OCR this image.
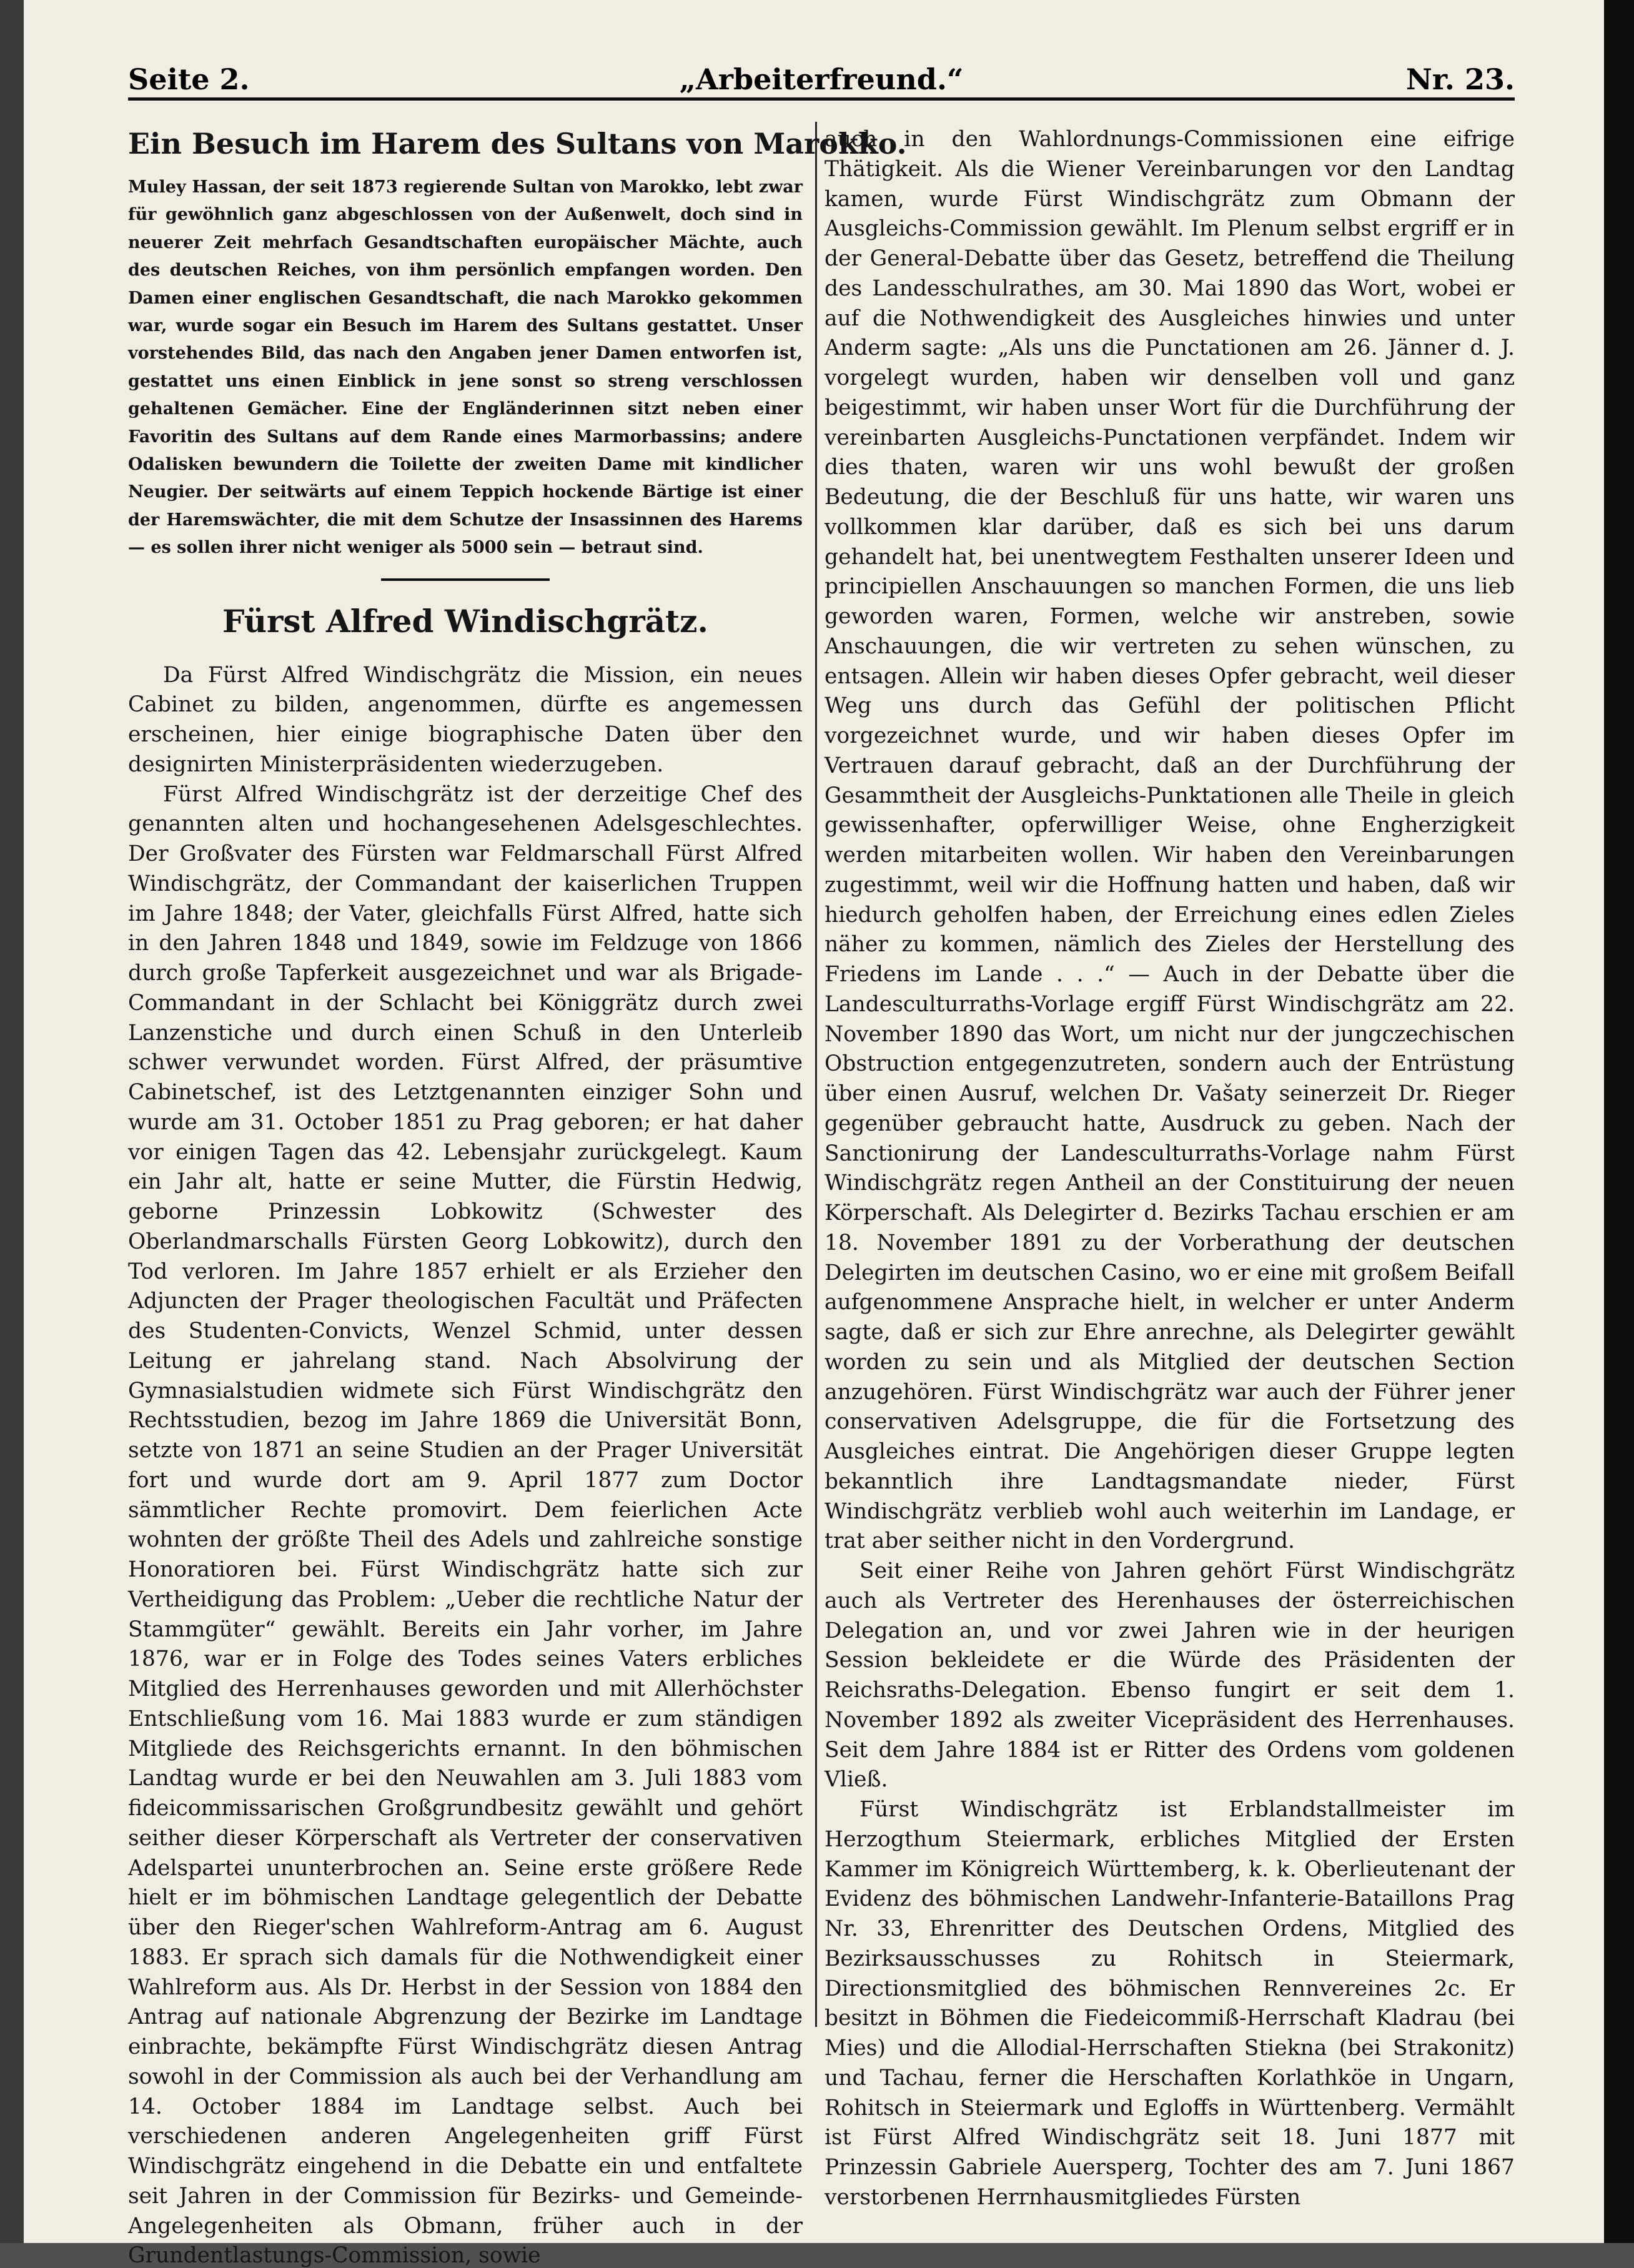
Seite 2.	„Arbeiterfreund.“	Nr. 23.
Ein Besuch im Harem des Sultans von Marokko.
Muley Hassan, der seit 1873 regierende Sultan von Marokko, lebt zwar für gewöhnlich ganz abgeschlossen von der Außenwelt, doch sind in neuerer Zeit mehrfach Gesandtschaften europäischer Mächte, auch des deutschen Reiches, von ihm persönlich empfangen worden. Den Damen einer englischen Gesandtschaft, die nach Marokko gekommen war, wurde sogar ein Besuch im Harem des Sultans gestattet. Unser vorstehendes Bild, das nach den Angaben jener Damen entworfen ist, gestattet uns einen Einblick in jene sonst so streng verschlossen gehaltenen Gemächer. Eine der Engländerinnen sitzt neben einer Favoritin des Sultans auf dem Rande eines Marmorbassins; andere Odalisken bewundern die Toilette der zweiten Dame mit kindlicher Neugier. Der seitwärts auf einem Teppich hockende Bärtige ist einer der Haremswächter, die mit dem Schutze der Insassinnen des Harems — es sollen ihrer nicht weniger als 5000 sein — betraut sind.
Fürst Alfred Windischgrätz.

Da Fürst Alfred Windischgrätz die Mission, ein neues Cabinet zu bilden, angenommen, dürfte es angemessen erscheinen, hier einige biographische Daten über den designirten Ministerpräsidenten wiederzugeben.

Fürst Alfred Windischgrätz ist der derzeitige Chef des genannten alten und hochangesehenen Adelsgeschlechtes. Der Großvater des Fürsten war Feldmarschall Fürst Alfred Windischgrätz, der Commandant der kaiserlichen Truppen im Jahre 1848; der Vater, gleichfalls Fürst Alfred, hatte sich in den Jahren 1848 und 1849, sowie im Feldzuge von 1866 durch große Tapferkeit ausgezeichnet und war als Brigade-Commandant in der Schlacht bei Königgrätz durch zwei Lanzenstiche und durch einen Schuß in den Unterleib schwer verwundet worden. Fürst Alfred, der präsumtive Cabinetschef, ist des Letztgenannten einziger Sohn und wurde am 31. October 1851 zu Prag geboren; er hat daher vor einigen Tagen das 42. Lebensjahr zurückgelegt. Kaum ein Jahr alt, hatte er seine Mutter, die Fürstin Hedwig, geborne Prinzessin Lobkowitz (Schwester des Oberlandmarschalls Fürsten Georg Lobkowitz), durch den Tod verloren. Im Jahre 1857 erhielt er als Erzieher den Adjuncten der Prager theologischen Facultät und Präfecten des Studenten-Convicts, Wenzel Schmid, unter dessen Leitung er jahrelang stand. Nach Absolvirung der Gymnasialstudien widmete sich Fürst Windischgrätz den Rechtsstudien, bezog im Jahre 1869 die Universität Bonn, setzte von 1871 an seine Studien an der Prager Universität fort und wurde dort am 9. April 1877 zum Doctor sämmtlicher Rechte promovirt. Dem feierlichen Acte wohnten der größte Theil des Adels und zahlreiche sonstige Honoratioren bei. Fürst Windischgrätz hatte sich zur Vertheidigung das Problem: „Ueber die rechtliche Natur der Stammgüter“ gewählt. Bereits ein Jahr vorher, im Jahre 1876, war er in Folge des Todes seines Vaters erbliches Mitglied des Herrenhauses geworden und mit Allerhöchster Entschließung vom 16. Mai 1883 wurde er zum ständigen Mitgliede des Reichsgerichts ernannt. In den böhmischen Landtag wurde er bei den Neuwahlen am 3. Juli 1883 vom fideicommissarischen Großgrundbesitz gewählt und gehört seither dieser Körperschaft als Vertreter der conservativen Adelspartei ununterbrochen an. Seine erste größere Rede hielt er im böhmischen Landtage gelegentlich der Debatte über den Rieger'schen Wahlreform-Antrag am 6. August 1883. Er sprach sich damals für die Nothwendigkeit einer Wahlreform aus. Als Dr. Herbst in der Session von 1884 den Antrag auf nationale Abgrenzung der Bezirke im Landtage einbrachte, bekämpfte Fürst Windischgrätz diesen Antrag sowohl in der Commission als auch bei der Verhandlung am 14. October 1884 im Landtage selbst. Auch bei verschiedenen anderen Angelegenheiten griff Fürst Windischgrätz eingehend in die Debatte ein und entfaltete seit Jahren in der Commission für Bezirks- und Gemeinde-Angelegenheiten als Obmann, früher auch in der Grundentlastungs-Commission, sowie

auch in den Wahlordnungs-Commissionen eine eifrige Thätigkeit. Als die Wiener Vereinbarungen vor den Landtag kamen, wurde Fürst Windischgrätz zum Obmann der Ausgleichs-Commission gewählt. Im Plenum selbst ergriff er in der General-Debatte über das Gesetz, betreffend die Theilung des Landesschulrathes, am 30. Mai 1890 das Wort, wobei er auf die Nothwendigkeit des Ausgleiches hinwies und unter Anderm sagte: „Als uns die Punctationen am 26. Jänner d. J. vorgelegt wurden, haben wir denselben voll und ganz beigestimmt, wir haben unser Wort für die Durchführung der vereinbarten Ausgleichs-Punctationen verpfändet. Indem wir dies thaten, waren wir uns wohl bewußt der großen Bedeutung, die der Beschluß für uns hatte, wir waren uns vollkommen klar darüber, daß es sich bei uns darum gehandelt hat, bei unentwegtem Festhalten unserer Ideen und principiellen Anschauungen so manchen Formen, die uns lieb geworden waren, Formen, welche wir anstreben, sowie Anschauungen, die wir vertreten zu sehen wünschen, zu entsagen. Allein wir haben dieses Opfer gebracht, weil dieser Weg uns durch das Gefühl der politischen Pflicht vorgezeichnet wurde, und wir haben dieses Opfer im Vertrauen darauf gebracht, daß an der Durchführung der Gesammtheit der Ausgleichs-Punktationen alle Theile in gleich gewissenhafter, opferwilliger Weise, ohne Engherzigkeit werden mitarbeiten wollen. Wir haben den Vereinbarungen zugestimmt, weil wir die Hoffnung hatten und haben, daß wir hiedurch geholfen haben, der Erreichung eines edlen Zieles näher zu kommen, nämlich des Zieles der Herstellung des Friedens im Lande . . .“ — Auch in der Debatte über die Landesculturraths-Vorlage ergiff Fürst Windischgrätz am 22. November 1890 das Wort, um nicht nur der jungczechischen Obstruction entgegenzutreten, sondern auch der Entrüstung über einen Ausruf, welchen Dr. Vašaty seinerzeit Dr. Rieger gegenüber gebraucht hatte, Ausdruck zu geben. Nach der Sanctionirung der Landesculturraths-Vorlage nahm Fürst Windischgrätz regen Antheil an der Constituirung der neuen Körperschaft. Als Delegirter d. Bezirks Tachau erschien er am 18. November 1891 zu der Vorberathung der deutschen Delegirten im deutschen Casino, wo er eine mit großem Beifall aufgenommene Ansprache hielt, in welcher er unter Anderm sagte, daß er sich zur Ehre anrechne, als Delegirter gewählt worden zu sein und als Mitglied der deutschen Section anzugehören. Fürst Windischgrätz war auch der Führer jener conservativen Adelsgruppe, die für die Fortsetzung des Ausgleiches eintrat. Die Angehörigen dieser Gruppe legten bekanntlich ihre Landtagsmandate nieder, Fürst Windischgrätz verblieb wohl auch weiterhin im Landage, er trat aber seither nicht in den Vordergrund.

Seit einer Reihe von Jahren gehört Fürst Windischgrätz auch als Vertreter des Herenhauses der österreichischen Delegation an, und vor zwei Jahren wie in der heurigen Session bekleidete er die Würde des Präsidenten der Reichsraths-Delegation. Ebenso fungirt er seit dem 1. November 1892 als zweiter Vicepräsident des Herrenhauses. Seit dem Jahre 1884 ist er Ritter des Ordens vom goldenen Vließ.

Fürst Windischgrätz ist Erblandstallmeister im Herzogthum Steiermark, erbliches Mitglied der Ersten Kammer im Königreich Württemberg, k. k. Oberlieutenant der Evidenz des böhmischen Landwehr-Infanterie-Bataillons Prag Nr. 33, Ehrenritter des Deutschen Ordens, Mitglied des Bezirksausschusses zu Rohitsch in Steiermark, Directionsmitglied des böhmischen Rennvereines 2c. Er besitzt in Böhmen die Fiedeicommiß-Herrschaft Kladrau (bei Mies) und die Allodial-Herrschaften Stiekna (bei Strakonitz) und Tachau, ferner die Herschaften Korlathköe in Ungarn, Rohitsch in Steiermark und Egloffs in Württenberg. Vermählt ist Fürst Alfred Windischgrätz seit 18. Juni 1877 mit Prinzessin Gabriele Auersperg, Tochter des am 7. Juni 1867 verstorbenen Herrnhausmitgliedes Fürsten
